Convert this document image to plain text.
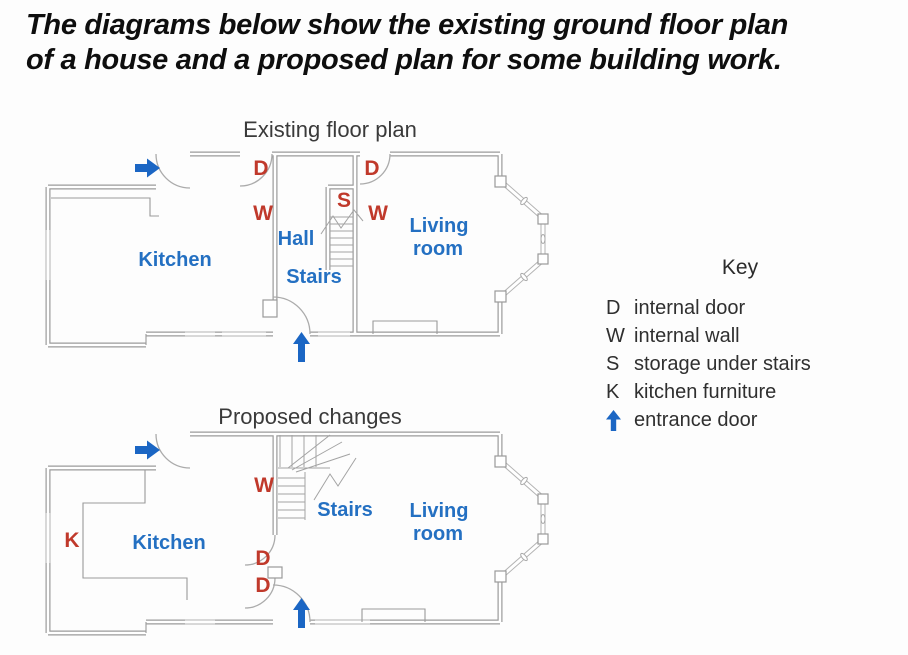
The diagrams below show the existing ground floor plan
of a house and a proposed plan for some building work.
Existing floor plan
Kitchen
Hall
Stairs
Living
room
D	D
W	W
S
Proposed changes
Kitchen
Stairs Living
room
W
D
D
K
Key
D internal door
W internal wall
S storage under stairs
K kitchen furniture
entrance door
